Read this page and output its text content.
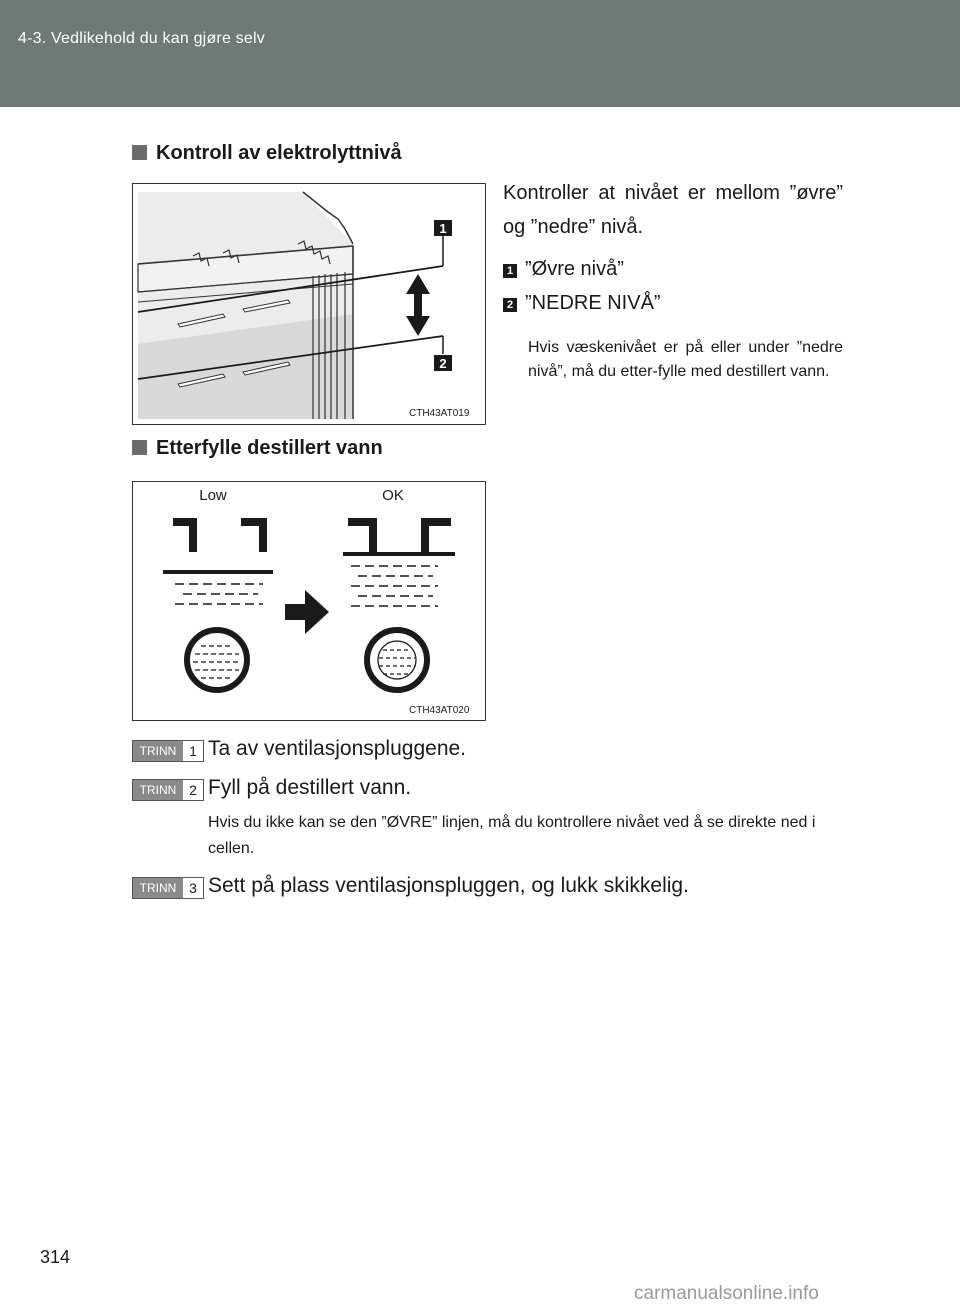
4-3. Vedlikehold du kan gjøre selv
Kontroll av elektrolyttnivå
1
2
CTH43AT019
Kontroller at nivået er mellom ”øvre” og ”nedre” nivå.
1 ”Øvre nivå”
2 ”NEDRE NIVÅ”
Hvis væskenivået er på eller under ”nedre nivå”, må du etter-fylle med destillert vann.
Etterfylle destillert vann
Low	OK
CTH43AT020
TRINN 1 Ta av ventilasjonspluggene.
TRINN 2 Fyll på destillert vann.
Hvis du ikke kan se den ”ØVRE” linjen, må du kontrollere nivået ved å se direkte ned i cellen.
TRINN 3 Sett på plass ventilasjonspluggen, og lukk skikkelig.
314
carmanualsonline.info
